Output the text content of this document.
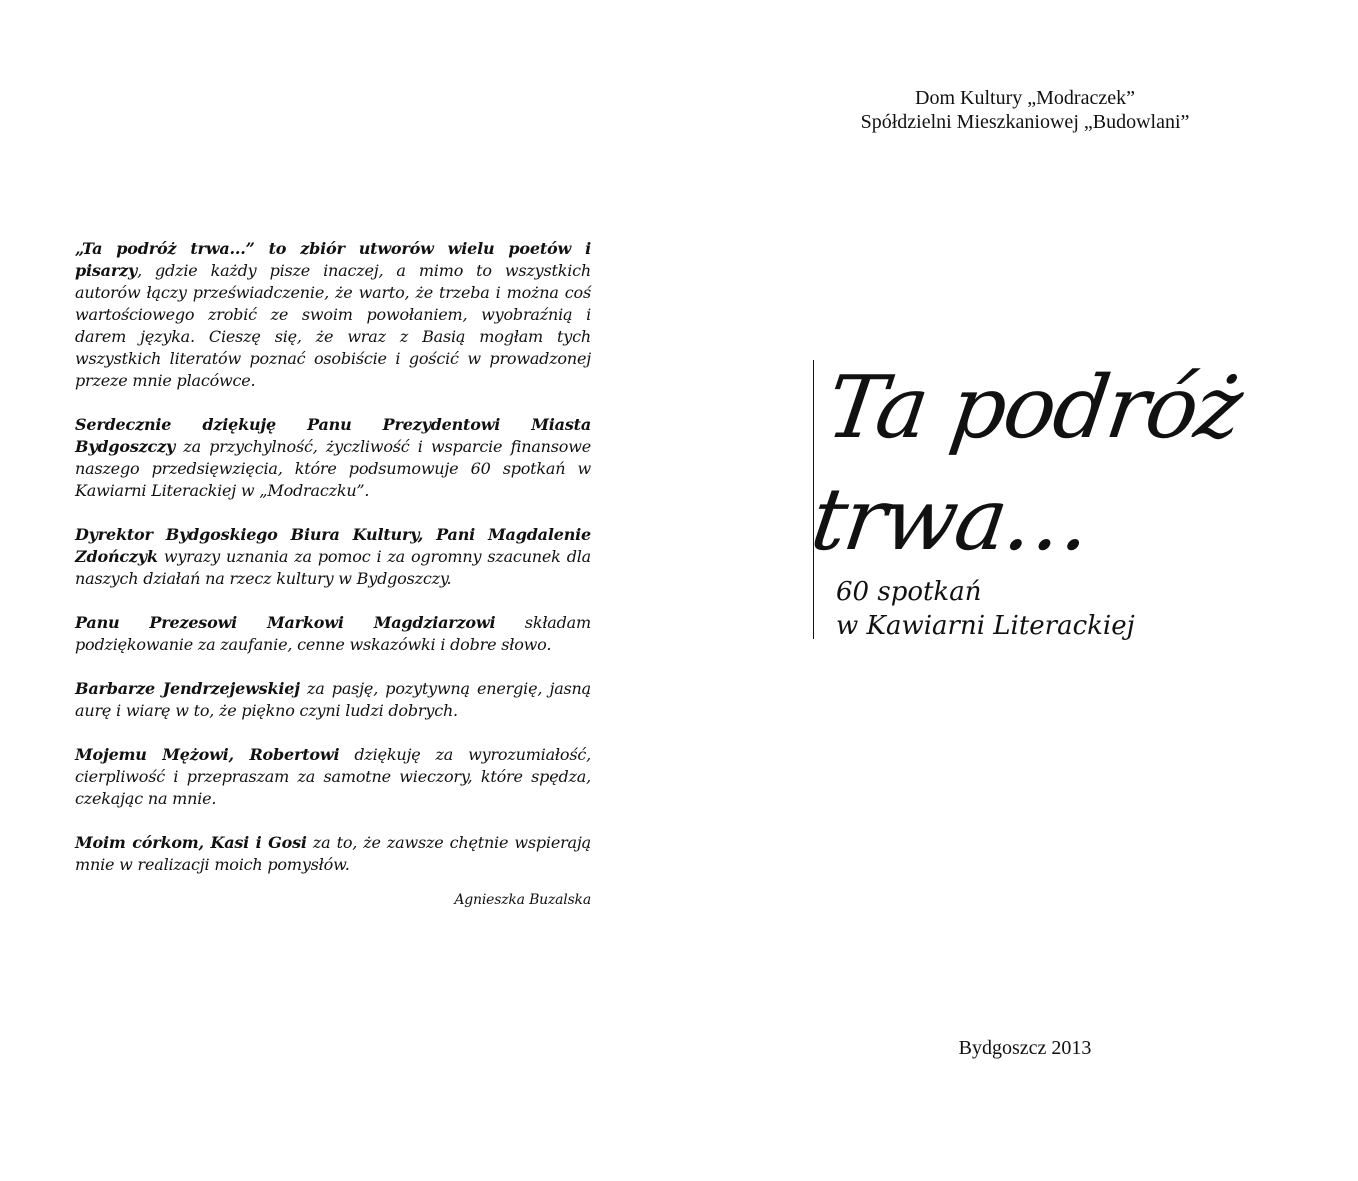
„Ta podróż trwa...” to zbiór utworów wielu poetów i pisarzy, gdzie każdy pisze inaczej, a mimo to wszystkich autorów łączy przeświadczenie, że warto, że trzeba i można coś wartościowego zrobić ze swoim powołaniem, wyobraźnią i darem języka. Cieszę się, że wraz z Basią mogłam tych wszystkich literatów poznać osobiście i gościć w prowadzonej przeze mnie placówce.

Serdecznie dziękuję Panu Prezydentowi Miasta Bydgoszczy za przychylność, życzliwość i wsparcie finansowe naszego przedsięwzięcia, które podsumowuje 60 spotkań w Kawiarni Literackiej w „Modraczku”.

Dyrektor Bydgoskiego Biura Kultury, Pani Magdalenie Zdończyk wyrazy uznania za pomoc i za ogromny szacunek dla naszych działań na rzecz kultury w Bydgoszczy.

Panu Prezesowi Markowi Magdziarzowi składam podziękowanie za zaufanie, cenne wskazówki i dobre słowo.

Barbarze Jendrzejewskiej za pasję, pozytywną energię, jasną aurę i wiarę w to, że piękno czyni ludzi dobrych.

Mojemu Mężowi, Robertowi dziękuję za wyrozumiałość, cierpliwość i przepraszam za samotne wieczory, które spędza, czekając na mnie.

Moim córkom, Kasi i Gosi za to, że zawsze chętnie wspierają mnie w realizacji moich pomysłów.

Agnieszka Buzalska
Dom Kultury „Modraczek”
Spółdzielni Mieszkaniowej „Budowlani”
Ta podróż
trwa…
60 spotkań
w Kawiarni Literackiej
Bydgoszcz 2013
